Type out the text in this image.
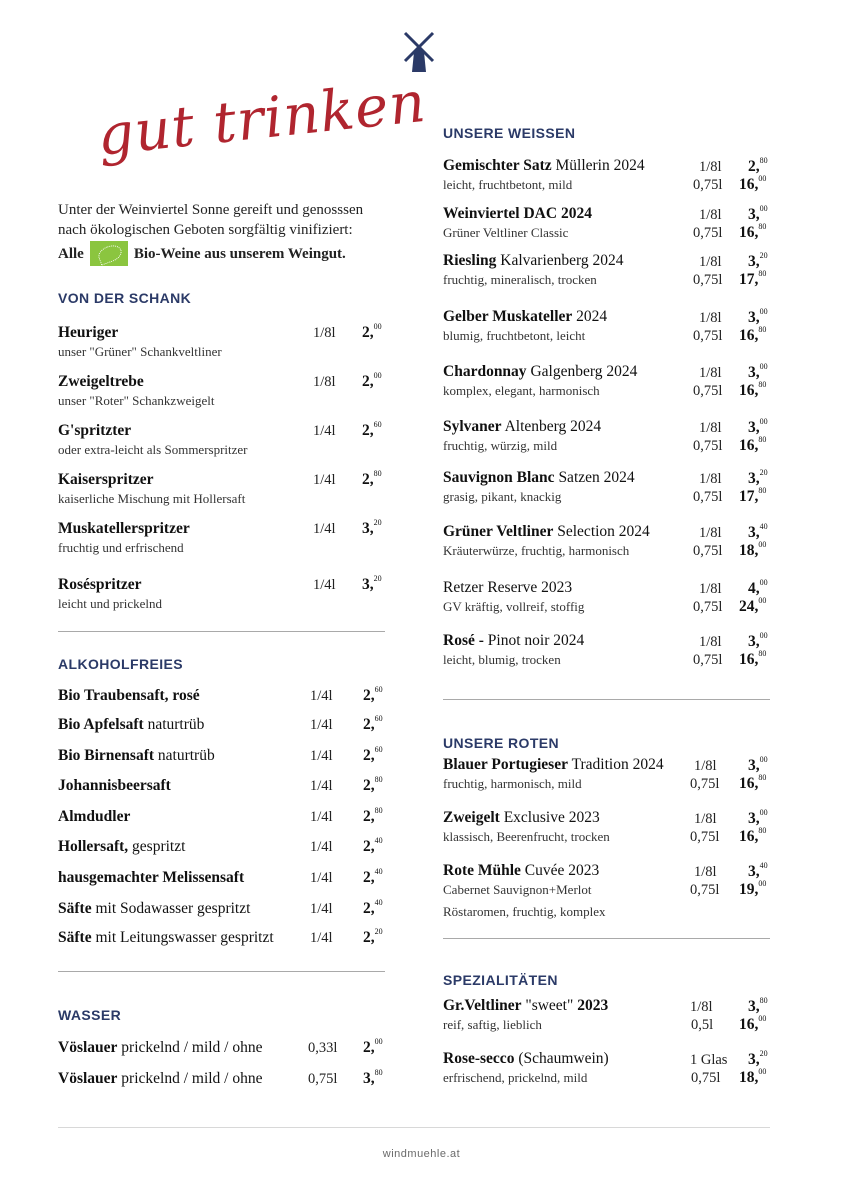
gut trinken
Unter der Weinviertel Sonne gereift und genosssen
nach ökologischen Geboten sorgfältig vinifiziert:
Alle	Bio-Weine aus unserem Weingut.
VON DER SCHANK
ALKOHOLFREIES
WASSER
UNSERE WEISSEN
UNSERE ROTEN
SPEZIALITÄTEN
windmuehle.at
Heuriger
unser "Grüner" Schankveltliner
1/8l 2,00
Zweigeltrebe
unser "Roter" Schankzweigelt
1/8l 2,00
G'spritzter
oder extra-leicht als Sommerspritzer
1/4l 2,60
Kaiserspritzer
kaiserliche Mischung mit Hollersaft
1/4l 2,80
Muskatellerspritzer
fruchtig und erfrischend
1/4l 3,20
Roséspritzer
leicht und prickelnd
1/4l 3,20
Bio Traubensaft, rosé	1/4l 2,60
Bio Apfelsaft naturtrüb	1/4l 2,60
Bio Birnensaft naturtrüb	1/4l 2,60
Johannisbeersaft	1/4l 2,80
Almdudler	1/4l 2,80
Hollersaft, gespritzt	1/4l 2,40
hausgemachter Melissensaft	1/4l 2,40
Säfte mit Sodawasser gespritzt	1/4l 2,40
Säfte mit Leitungswasser gespritzt	1/4l 2,20
Vöslauer prickelnd / mild / ohne	0,33l 2,00
Vöslauer prickelnd / mild / ohne	0,75l 3,80
Gemischter Satz Müllerin 2024
leicht, fruchtbetont, mild
1/8l 2,80
0,75l 16,00
Weinviertel DAC 2024
Grüner Veltliner Classic
1/8l 3,00
0,75l 16,80
Riesling Kalvarienberg 2024
fruchtig, mineralisch, trocken
1/8l 3,20
0,75l 17,80
Gelber Muskateller 2024
blumig, fruchtbetont, leicht
1/8l 3,00
0,75l 16,80
Chardonnay Galgenberg 2024
komplex, elegant, harmonisch
1/8l 3,00
0,75l 16,80
Sylvaner Altenberg 2024
fruchtig, würzig, mild
1/8l 3,00
0,75l 16,80
Sauvignon Blanc Satzen 2024
grasig, pikant, knackig
1/8l 3,20
0,75l 17,80
Grüner Veltliner Selection 2024
Kräuterwürze, fruchtig, harmonisch
1/8l 3,40
0,75l 18,00
Retzer Reserve 2023
GV kräftig, vollreif, stoffig
1/8l 4,00
0,75l 24,00
Rosé - Pinot noir 2024
leicht, blumig, trocken
1/8l 3,00
0,75l 16,80
Blauer Portugieser Tradition 2024
fruchtig, harmonisch, mild
1/8l 3,00
0,75l 16,80
Zweigelt Exclusive 2023
klassisch, Beerenfrucht, trocken
1/8l 3,00
0,75l 16,80
Rote Mühle Cuvée 2023
Cabernet Sauvignon+Merlot
Röstaromen, fruchtig, komplex
1/8l 3,40
0,75l 19,00
Gr.Veltliner "sweet" 2023
reif, saftig, lieblich
1/8l 3,80
0,5l 16,00
Rose-secco (Schaumwein)
erfrischend, prickelnd, mild
1 Glas 3,20
0,75l 18,00
